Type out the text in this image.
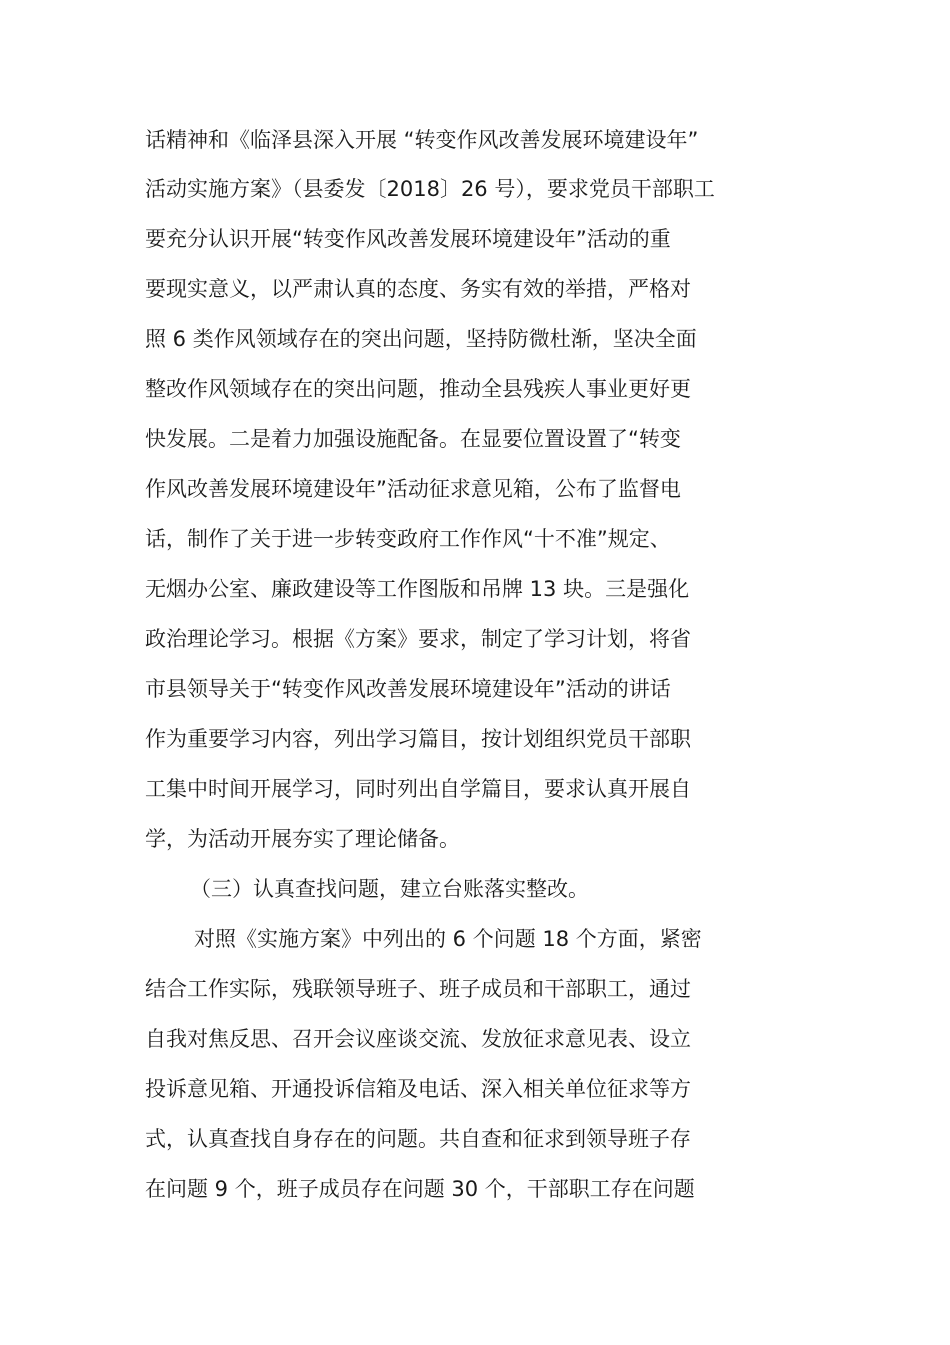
话精神和《临泽县深入开展 “转变作风改善发展环境建设年”
活动实施方案》（县委发〔2018〕26 号），要求党员干部职工
要充分认识开展“转变作风改善发展环境建设年”活动的重
要现实意义，以严肃认真的态度、务实有效的举措，严格对
照 6 类作风领域存在的突出问题，坚持防微杜渐，坚决全面
整改作风领域存在的突出问题，推动全县残疾人事业更好更
快发展。二是着力加强设施配备。在显要位置设置了“转变
作风改善发展环境建设年”活动征求意见箱，公布了监督电
话，制作了关于进一步转变政府工作作风“十不准”规定、
无烟办公室、廉政建设等工作图版和吊牌 13 块。三是强化
政治理论学习。根据《方案》要求，制定了学习计划，将省
市县领导关于“转变作风改善发展环境建设年”活动的讲话
作为重要学习内容，列出学习篇目，按计划组织党员干部职
工集中时间开展学习，同时列出自学篇目，要求认真开展自
学，为活动开展夯实了理论储备。
（三）认真查找问题，建立台账落实整改。
对照《实施方案》中列出的 6 个问题 18 个方面，紧密
结合工作实际，残联领导班子、班子成员和干部职工，通过
自我对焦反思、召开会议座谈交流、发放征求意见表、设立
投诉意见箱、开通投诉信箱及电话、深入相关单位征求等方
式，认真查找自身存在的问题。共自查和征求到领导班子存
在问题 9 个，班子成员存在问题 30 个，干部职工存在问题
